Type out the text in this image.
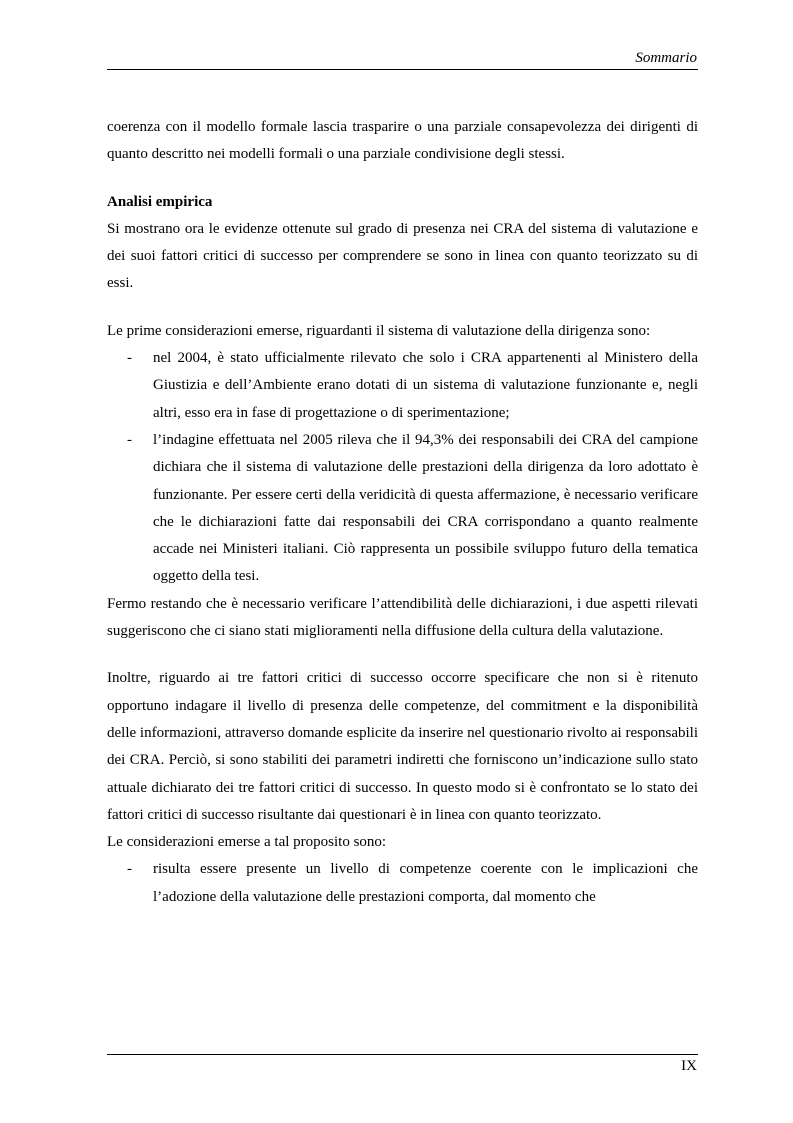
Sommario

coerenza con il modello formale lascia trasparire o una parziale consapevolezza dei dirigenti di quanto descritto nei modelli formali o una parziale condivisione degli stessi.

Analisi empirica

Si mostrano ora le evidenze ottenute sul grado di presenza nei CRA del sistema di valutazione e dei suoi fattori critici di successo per comprendere se sono in linea con quanto teorizzato su di essi.

Le prime considerazioni emerse, riguardanti il sistema di valutazione della dirigenza sono:

- nel 2004, è stato ufficialmente rilevato che solo i CRA appartenenti al Ministero della Giustizia e dell’Ambiente erano dotati di un sistema di valutazione funzionante e, negli altri, esso era in fase di progettazione o di sperimentazione;
- l’indagine effettuata nel 2005 rileva che il 94,3% dei responsabili dei CRA del campione dichiara che il sistema di valutazione delle prestazioni della dirigenza da loro adottato è funzionante. Per essere certi della veridicità di questa affermazione, è necessario verificare che le dichiarazioni fatte dai responsabili dei CRA corrispondano a quanto realmente accade nei Ministeri italiani. Ciò rappresenta un possibile sviluppo futuro della tematica oggetto della tesi.

Fermo restando che è necessario verificare l’attendibilità delle dichiarazioni, i due aspetti rilevati suggeriscono che ci siano stati miglioramenti nella diffusione della cultura della valutazione.

Inoltre, riguardo ai tre fattori critici di successo occorre specificare che non si è ritenuto opportuno indagare il livello di presenza delle competenze, del commitment e la disponibilità delle informazioni, attraverso domande esplicite da inserire nel questionario rivolto ai responsabili dei CRA. Perciò, si sono stabiliti dei parametri indiretti che forniscono un’indicazione sullo stato attuale dichiarato dei tre fattori critici di successo. In questo modo si è confrontato se lo stato dei fattori critici di successo risultante dai questionari è in linea con quanto teorizzato.

Le considerazioni emerse a tal proposito sono:

- risulta essere presente un livello di competenze coerente con le implicazioni che l’adozione della valutazione delle prestazioni comporta, dal momento che
IX
